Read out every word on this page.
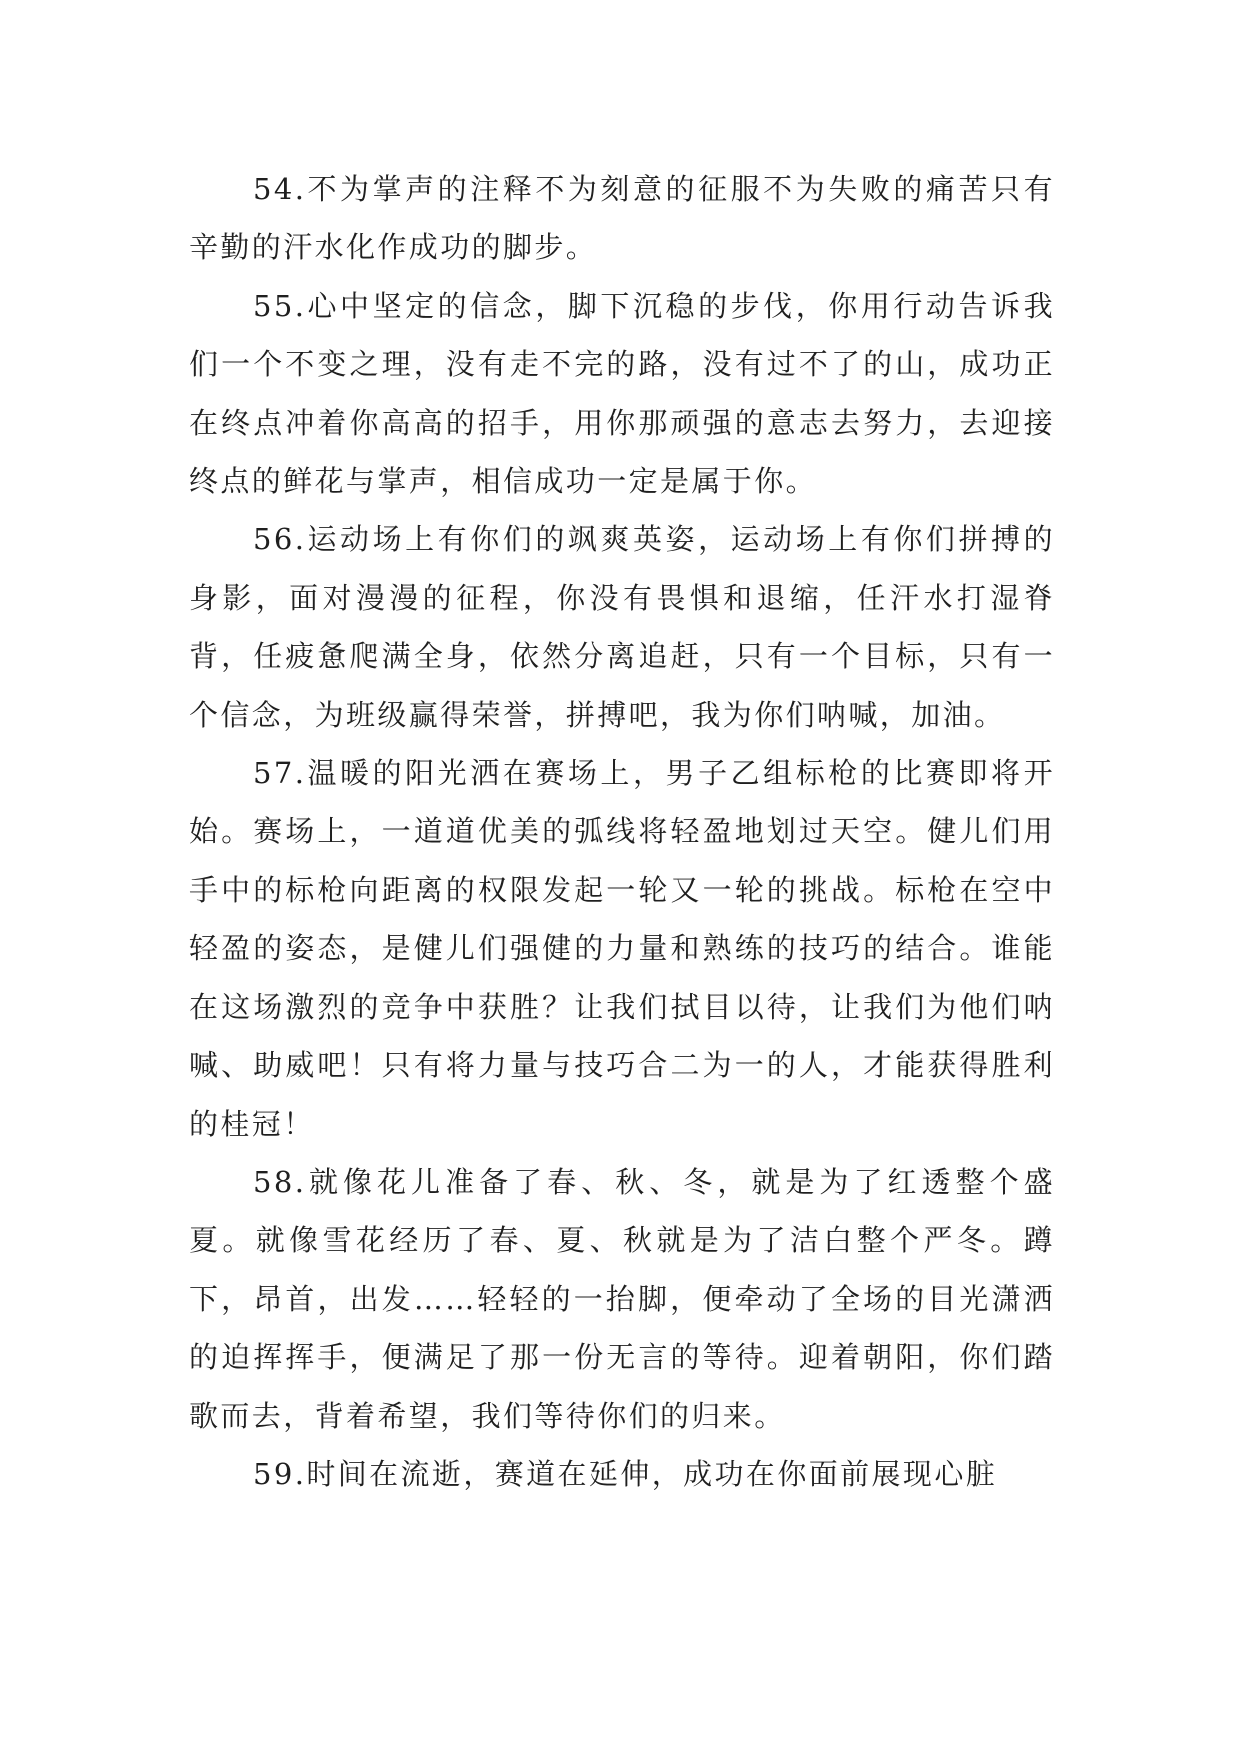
54.不为掌声的注释不为刻意的征服不为失败的痛苦只有辛勤的汗水化作成功的脚步。

55.心中坚定的信念，脚下沉稳的步伐，你用行动告诉我们一个不变之理，没有走不完的路，没有过不了的山，成功正在终点冲着你高高的招手，用你那顽强的意志去努力，去迎接终点的鲜花与掌声，相信成功一定是属于你。

56.运动场上有你们的飒爽英姿，运动场上有你们拼搏的身影，面对漫漫的征程，你没有畏惧和退缩，任汗水打湿脊背，任疲惫爬满全身，依然分离追赶，只有一个目标，只有一个信念，为班级赢得荣誉，拼搏吧，我为你们呐喊，加油。

57.温暖的阳光洒在赛场上，男子乙组标枪的比赛即将开始。赛场上，一道道优美的弧线将轻盈地划过天空。健儿们用手中的标枪向距离的权限发起一轮又一轮的挑战。标枪在空中轻盈的姿态，是健儿们强健的力量和熟练的技巧的结合。谁能在这场激烈的竞争中获胜？让我们拭目以待，让我们为他们呐喊、助威吧！只有将力量与技巧合二为一的人，才能获得胜利的桂冠！

58.就像花儿准备了春、秋、冬，就是为了红透整个盛夏。就像雪花经历了春、夏、秋就是为了洁白整个严冬。蹲下，昂首，出发……轻轻的一抬脚，便牵动了全场的目光潇洒的迫挥挥手，便满足了那一份无言的等待。迎着朝阳，你们踏歌而去，背着希望，我们等待你们的归来。

59.时间在流逝，赛道在延伸，成功在你面前展现心脏
